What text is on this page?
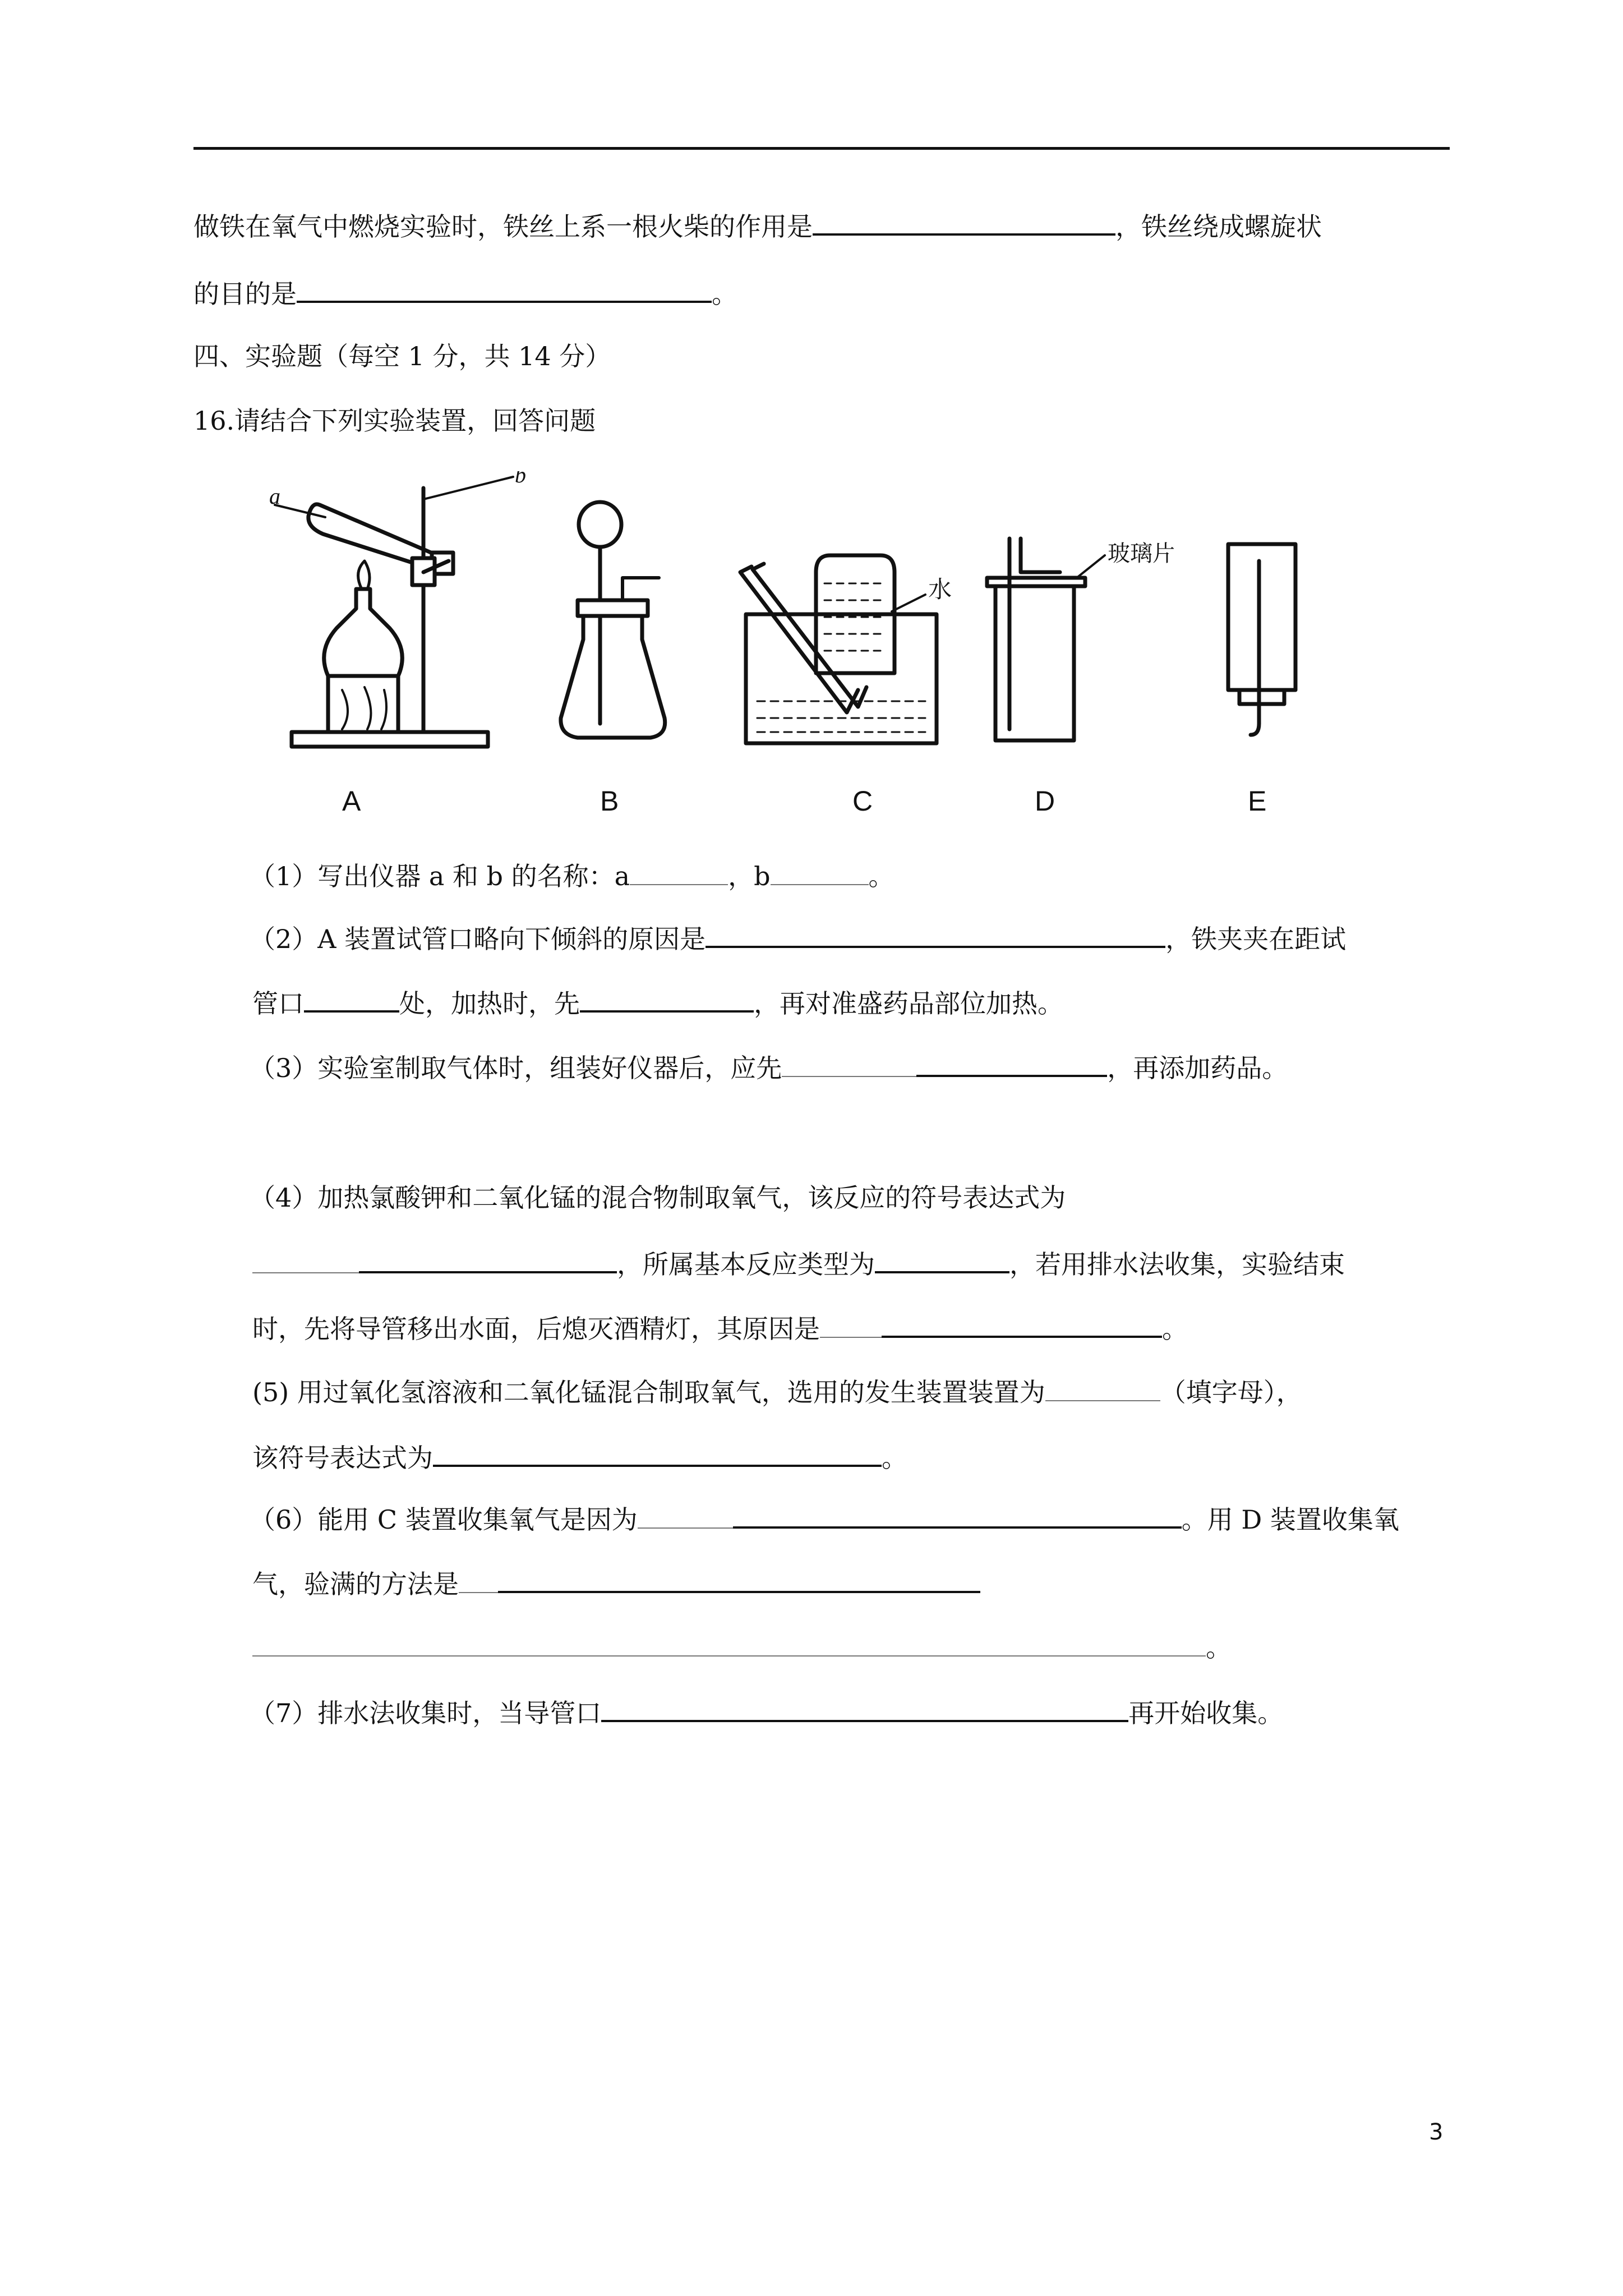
做铁在氧气中燃烧实验时，铁丝上系一根火柴的作用是	，铁丝绕成螺旋状
的目的是	。
四、实验题（每空 1 分，共 14 分）
16.请结合下列实验装置，回答问题
a
b
水
玻璃片
A	B	C	D	E
（1）写出仪器 a 和 b 的名称：a	，b	。
（2）A 装置试管口略向下倾斜的原因是	，铁夹夹在距试
管口	处，加热时，先	，再对准盛药品部位加热。
（3）实验室制取气体时，组装好仪器后，应先	，再添加药品。
（4）加热氯酸钾和二氧化锰的混合物制取氧气，该反应的符号表达式为
，所属基本反应类型为	，若用排水法收集，实验结束
时，先将导管移出水面，后熄灭酒精灯，其原因是	。
(5) 用过氧化氢溶液和二氧化锰混合制取氧气，选用的发生装置装置为	（填字母），
该符号表达式为	。
（6）能用 C 装置收集氧气是因为	。用 D 装置收集氧
气，验满的方法是
。
（7）排水法收集时，当导管口	再开始收集。
3
